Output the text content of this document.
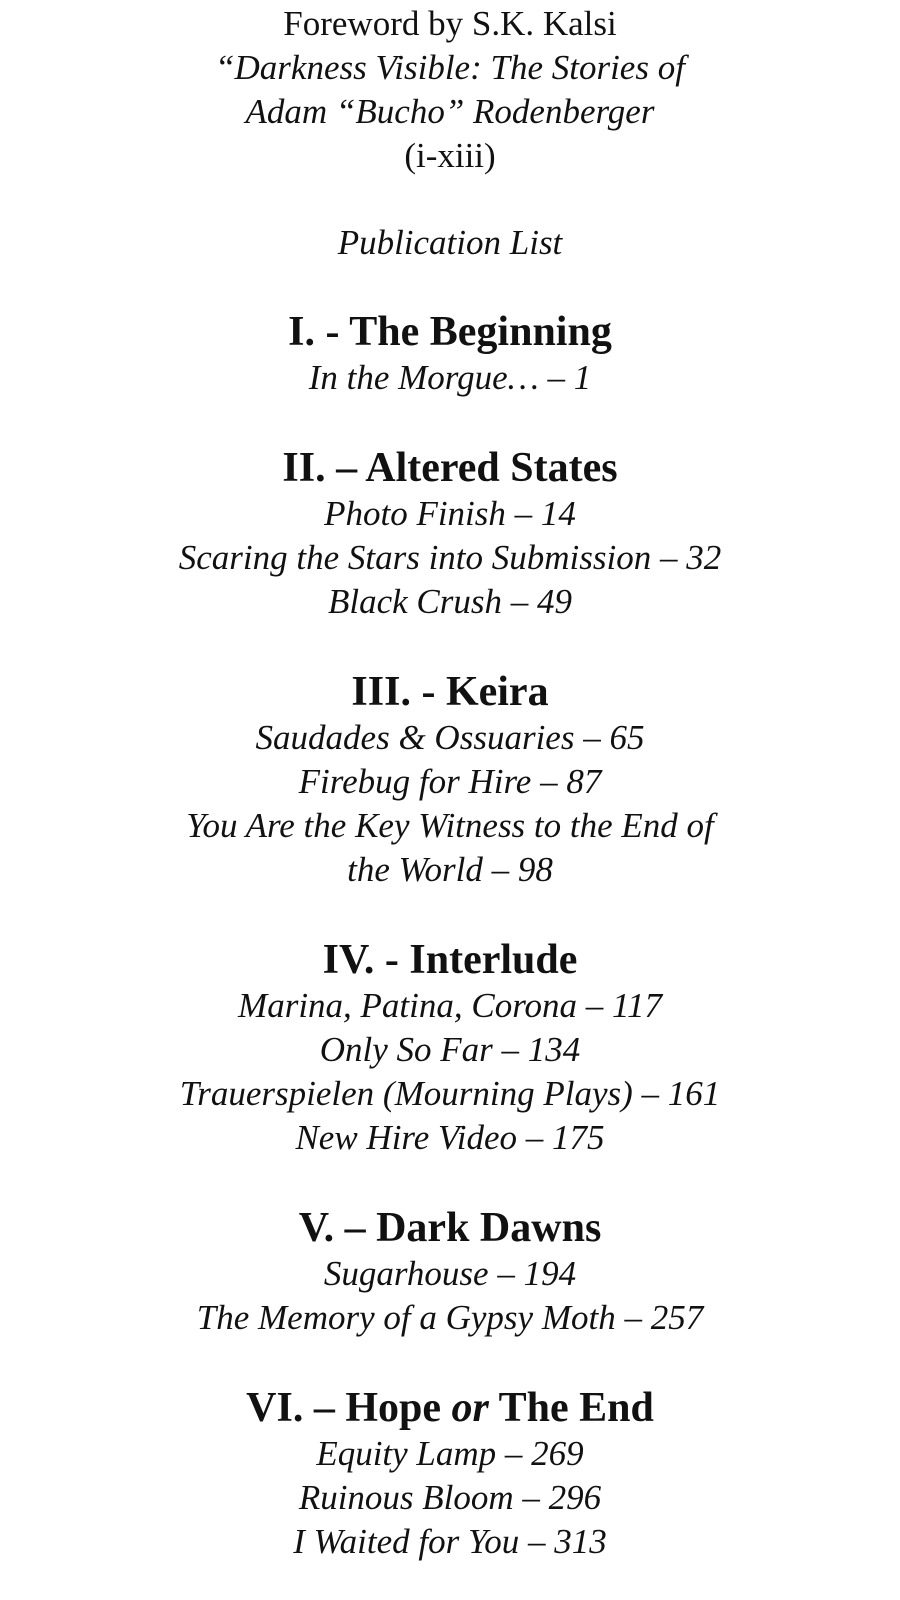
Foreword by S.K. Kalsi

“Darkness Visible: The Stories of

Adam “Bucho” Rodenberger

(i-xiii)

Publication List

I. - The Beginning

In the Morgue… – 1

II. – Altered States

Photo Finish – 14

Scaring the Stars into Submission – 32

Black Crush – 49

III. - Keira

Saudades & Ossuaries – 65

Firebug for Hire – 87

You Are the Key Witness to the End of

the World – 98

IV. - Interlude

Marina, Patina, Corona – 117

Only So Far – 134

Trauerspielen (Mourning Plays) – 161

New Hire Video – 175

V. – Dark Dawns

Sugarhouse – 194

The Memory of a Gypsy Moth – 257

VI. – Hope or The End

Equity Lamp – 269

Ruinous Bloom – 296

I Waited for You – 313
